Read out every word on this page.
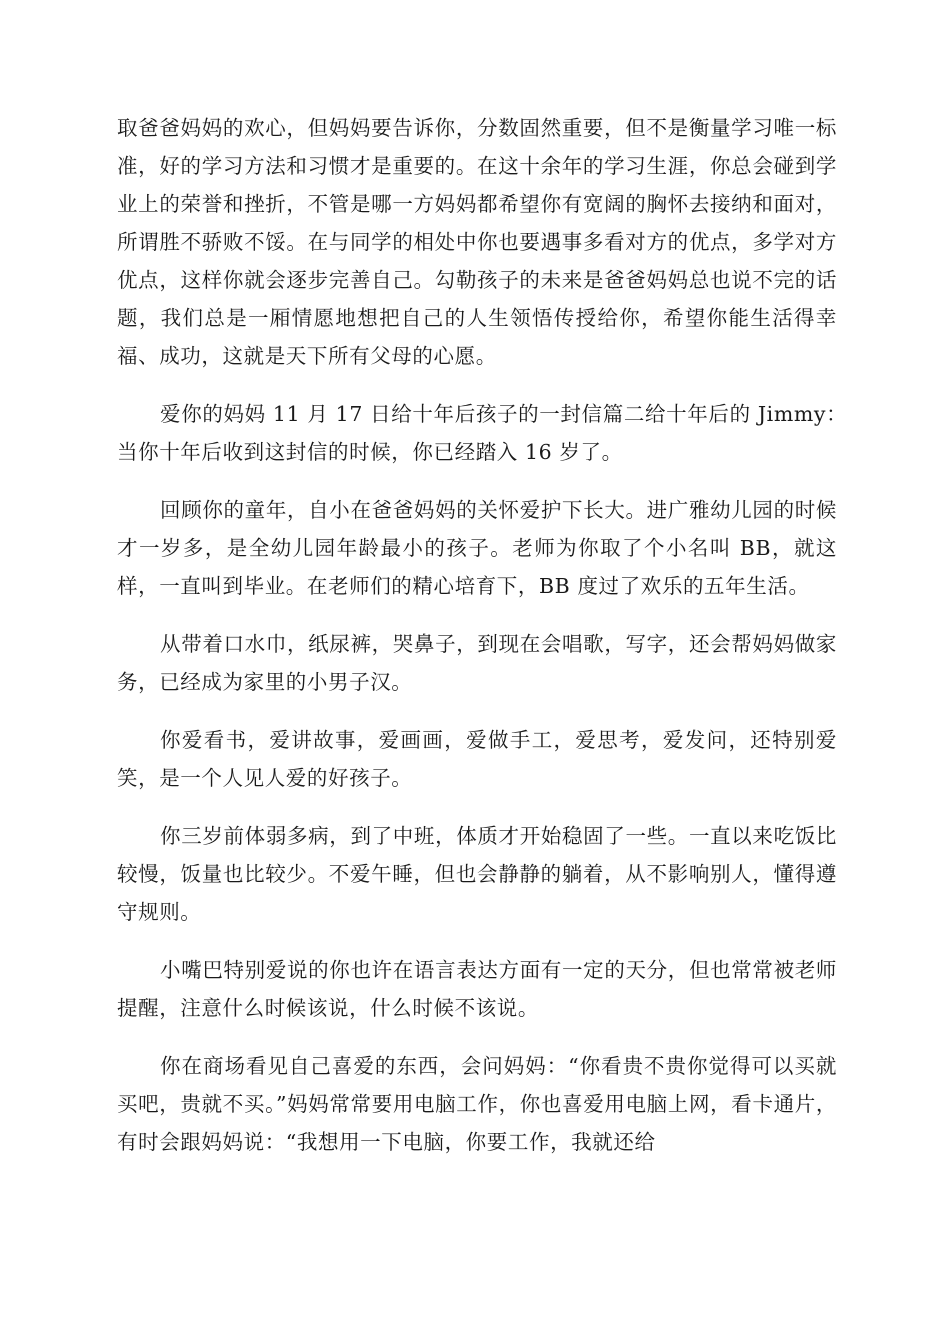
取爸爸妈妈的欢心，但妈妈要告诉你，分数固然重要，但不是衡量学习唯一标准，好的学习方法和习惯才是重要的。在这十余年的学习生涯，你总会碰到学业上的荣誉和挫折，不管是哪一方妈妈都希望你有宽阔的胸怀去接纳和面对，所谓胜不骄败不馁。在与同学的相处中你也要遇事多看对方的优点，多学对方优点，这样你就会逐步完善自己。勾勒孩子的未来是爸爸妈妈总也说不完的话题，我们总是一厢情愿地想把自己的人生领悟传授给你，希望你能生活得幸福、成功，这就是天下所有父母的心愿。

爱你的妈妈 11 月 17 日给十年后孩子的一封信篇二给十年后的 Jimmy：　当你十年后收到这封信的时候，你已经踏入 16 岁了。

回顾你的童年，自小在爸爸妈妈的关怀爱护下长大。进广雅幼儿园的时候才一岁多，是全幼儿园年龄最小的孩子。老师为你取了个小名叫 BB，就这样，一直叫到毕业。在老师们的精心培育下，BB 度过了欢乐的五年生活。

从带着口水巾，纸尿裤，哭鼻子，到现在会唱歌，写字，还会帮妈妈做家务，已经成为家里的小男子汉。

你爱看书，爱讲故事，爱画画，爱做手工，爱思考，爱发问，还特别爱笑，是一个人见人爱的好孩子。

你三岁前体弱多病，到了中班，体质才开始稳固了一些。一直以来吃饭比较慢，饭量也比较少。不爱午睡，但也会静静的躺着，从不影响别人，懂得遵守规则。

小嘴巴特别爱说的你也许在语言表达方面有一定的天分，但也常常被老师提醒，注意什么时候该说，什么时候不该说。

你在商场看见自己喜爱的东西，会问妈妈：“你看贵不贵你觉得可以买就买吧，贵就不买。”妈妈常常要用电脑工作，你也喜爱用电脑上网，看卡通片，有时会跟妈妈说：“我想用一下电脑，你要工作，我就还给
